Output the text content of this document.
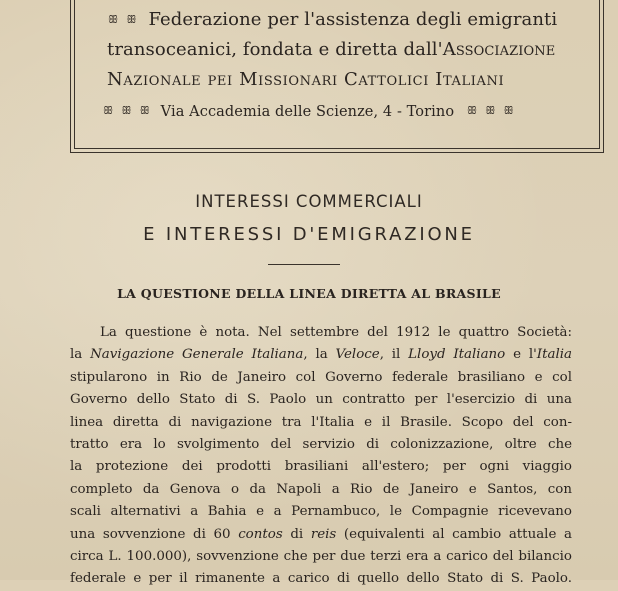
ꕥ ꕥ Federazione per l'assistenza degli emigranti
transoceanici, fondata e diretta dall'Associazione
Nazionale pei Missionari Cattolici Italiani
ꕥ ꕥ ꕥ Via Accademia delle Scienze, 4 - Torino ꕥ ꕥ ꕥ
INTERESSI COMMERCIALI
E INTERESSI D'EMIGRAZIONE
LA QUESTIONE DELLA LINEA DIRETTA AL BRASILE
La questione è nota. Nel settembre del 1912 le quattro Società:
la Navigazione Generale Italiana, la Veloce, il Lloyd Italiano e l'Italia
stipularono in Rio de Janeiro col Governo federale brasiliano e col
Governo dello Stato di S. Paolo un contratto per l'esercizio di una
linea diretta di navigazione tra l'Italia e il Brasile. Scopo del con-
tratto era lo svolgimento del servizio di colonizzazione, oltre che
la protezione dei prodotti brasiliani all'estero; per ogni viaggio
completo da Genova o da Napoli a Rio de Janeiro e Santos, con
scali alternativi a Bahia e a Pernambuco, le Compagnie ricevevano
una sovvenzione di 60 contos di reis (equivalenti al cambio attuale a
circa L. 100.000), sovvenzione che per due terzi era a carico del bilancio
federale e per il rimanente a carico di quello dello Stato di S. Paolo.
